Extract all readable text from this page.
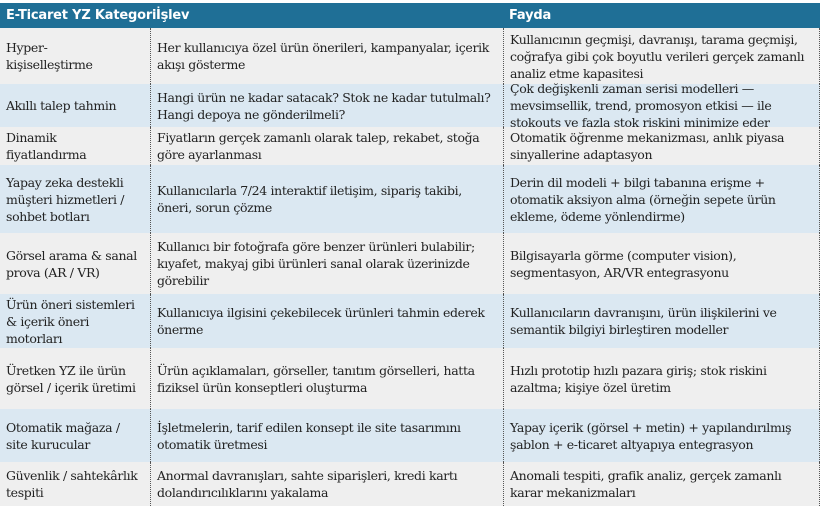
E-Ticaret YZ Kategori İşlev	Fayda
Hyper-kişiselleştirme
Her kullanıcıya özel ürün önerileri, kampanyalar, içerik akışı gösterme
Kullanıcının geçmişi, davranışı, tarama geçmişi, coğrafya gibi çok boyutlu verileri gerçek zamanlı analiz etme kapasitesi
Akıllı talep tahmin
Hangi ürün ne kadar satacak? Stok ne kadar tutulmalı? Hangi depoya ne gönderilmeli?
Çok değişkenli zaman serisi modelleri — mevsimsellik, trend, promosyon etkisi — ile stokouts ve fazla stok riskini minimize eder
Dinamik fiyatlandırma
Fiyatların gerçek zamanlı olarak talep, rekabet, stoğa göre ayarlanması
Otomatik öğrenme mekanizması, anlık piyasa sinyallerine adaptasyon
Yapay zeka destekli müşteri hizmetleri / sohbet botları
Kullanıcılarla 7/24 interaktif iletişim, sipariş takibi, öneri, sorun çözme
Derin dil modeli + bilgi tabanına erişme + otomatik aksiyon alma (örneğin sepete ürün ekleme, ödeme yönlendirme)
Görsel arama & sanal prova (AR / VR)
Kullanıcı bir fotoğrafa göre benzer ürünleri bulabilir; kıyafet, makyaj gibi ürünleri sanal olarak üzerinizde görebilir
Bilgisayarla görme (computer vision), segmentasyon, AR/VR entegrasyonu
Ürün öneri sistemleri & içerik öneri motorları
Kullanıcıya ilgisini çekebilecek ürünleri tahmin ederek önerme
Kullanıcıların davranışını, ürün ilişkilerini ve semantik bilgiyi birleştiren modeller
Üretken YZ ile ürün görsel / içerik üretimi
Ürün açıklamaları, görseller, tanıtım görselleri, hatta fiziksel ürün konseptleri oluşturma
Hızlı prototip hızlı pazara giriş; stok riskini azaltma; kişiye özel üretim
Otomatik mağaza / site kurucular
İşletmelerin, tarif edilen konsept ile site tasarımını otomatik üretmesi
Yapay içerik (görsel + metin) + yapılandırılmış şablon + e-ticaret altyapıya entegrasyon
Güvenlik / sahtekârlık tespiti
Anormal davranışları, sahte siparişleri, kredi kartı dolandırıcılıklarını yakalama
Anomali tespiti, grafik analiz, gerçek zamanlı karar mekanizmaları
